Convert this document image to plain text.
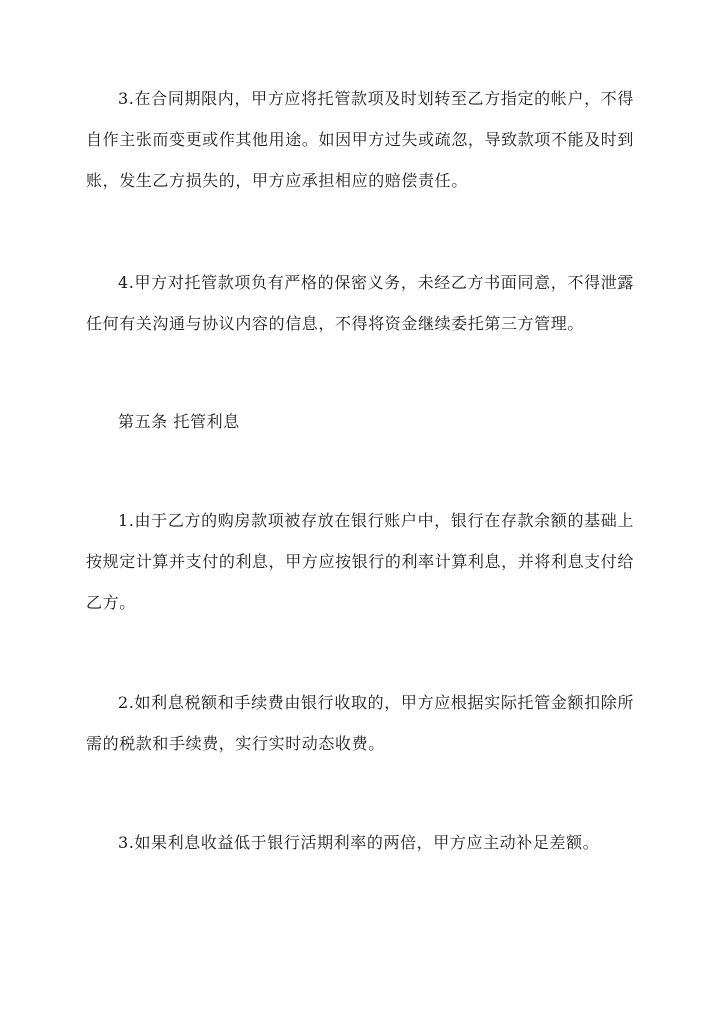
3.在合同期限内，甲方应将托管款项及时划转至乙方指定的帐户，不得自作主张而变更或作其他用途。如因甲方过失或疏忽，导致款项不能及时到账，发生乙方损失的，甲方应承担相应的赔偿责任。

4.甲方对托管款项负有严格的保密义务，未经乙方书面同意，不得泄露任何有关沟通与协议内容的信息，不得将资金继续委托第三方管理。

第五条 托管利息

1.由于乙方的购房款项被存放在银行账户中，银行在存款余额的基础上按规定计算并支付的利息，甲方应按银行的利率计算利息，并将利息支付给乙方。

2.如利息税额和手续费由银行收取的，甲方应根据实际托管金额扣除所需的税款和手续费，实行实时动态收费。

3.如果利息收益低于银行活期利率的两倍，甲方应主动补足差额。
